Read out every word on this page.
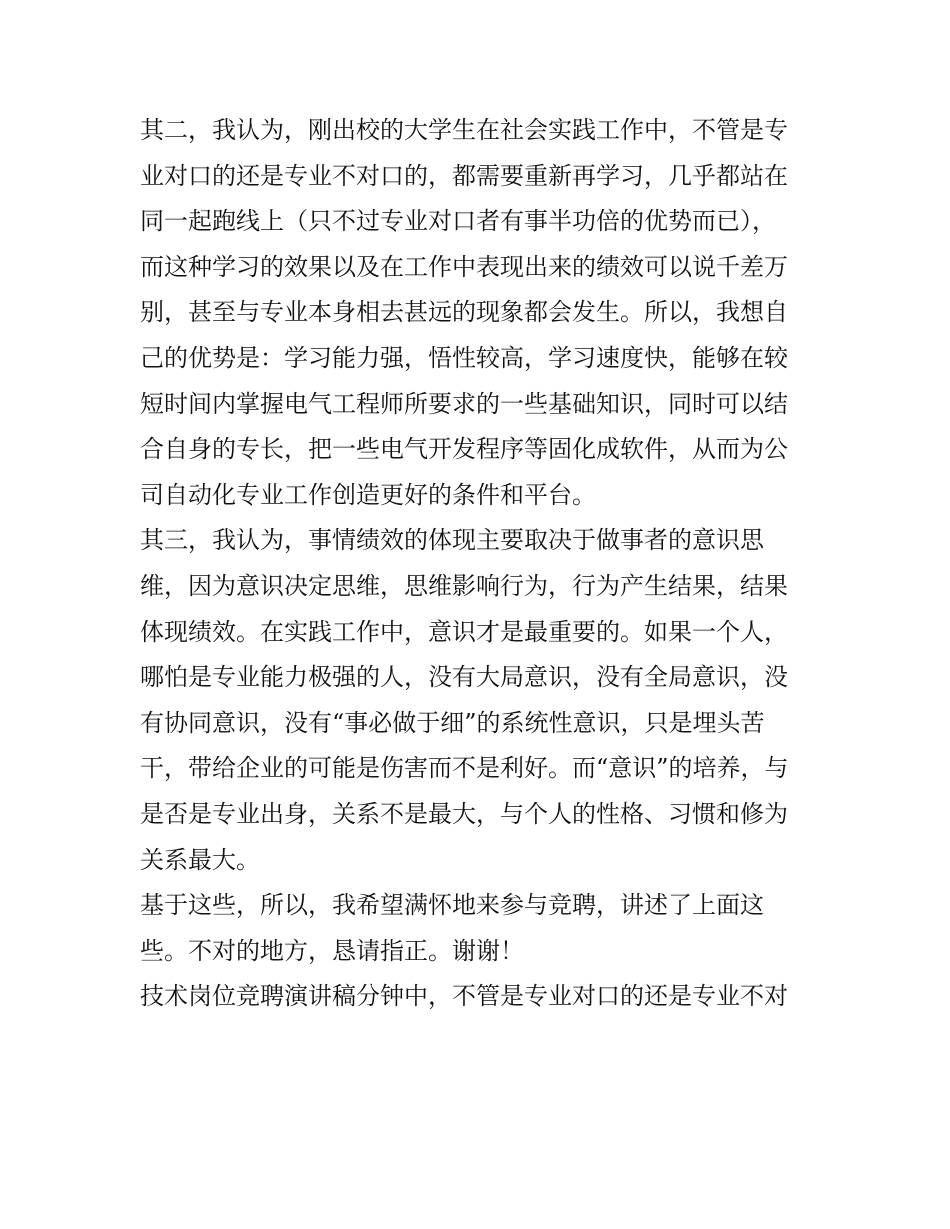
其二，我认为，刚出校的大学生在社会实践工作中，不管是专
业对口的还是专业不对口的，都需要重新再学习，几乎都站在
同一起跑线上（只不过专业对口者有事半功倍的优势而已），
而这种学习的效果以及在工作中表现出来的绩效可以说千差万
别，甚至与专业本身相去甚远的现象都会发生。所以，我想自
己的优势是：学习能力强，悟性较高，学习速度快，能够在较
短时间内掌握电气工程师所要求的一些基础知识，同时可以结
合自身的专长，把一些电气开发程序等固化成软件，从而为公
司自动化专业工作创造更好的条件和平台。
其三，我认为，事情绩效的体现主要取决于做事者的意识思
维，因为意识决定思维，思维影响行为，行为产生结果，结果
体现绩效。在实践工作中，意识才是最重要的。如果一个人，
哪怕是专业能力极强的人，没有大局意识，没有全局意识，没
有协同意识，没有“事必做于细”的系统性意识，只是埋头苦
干，带给企业的可能是伤害而不是利好。而“意识”的培养，与
是否是专业出身，关系不是最大，与个人的性格、习惯和修为
关系最大。
基于这些，所以，我希望满怀地来参与竞聘，讲述了上面这
些。不对的地方，恳请指正。谢谢！
技术岗位竞聘演讲稿分钟中，不管是专业对口的还是专业不对
